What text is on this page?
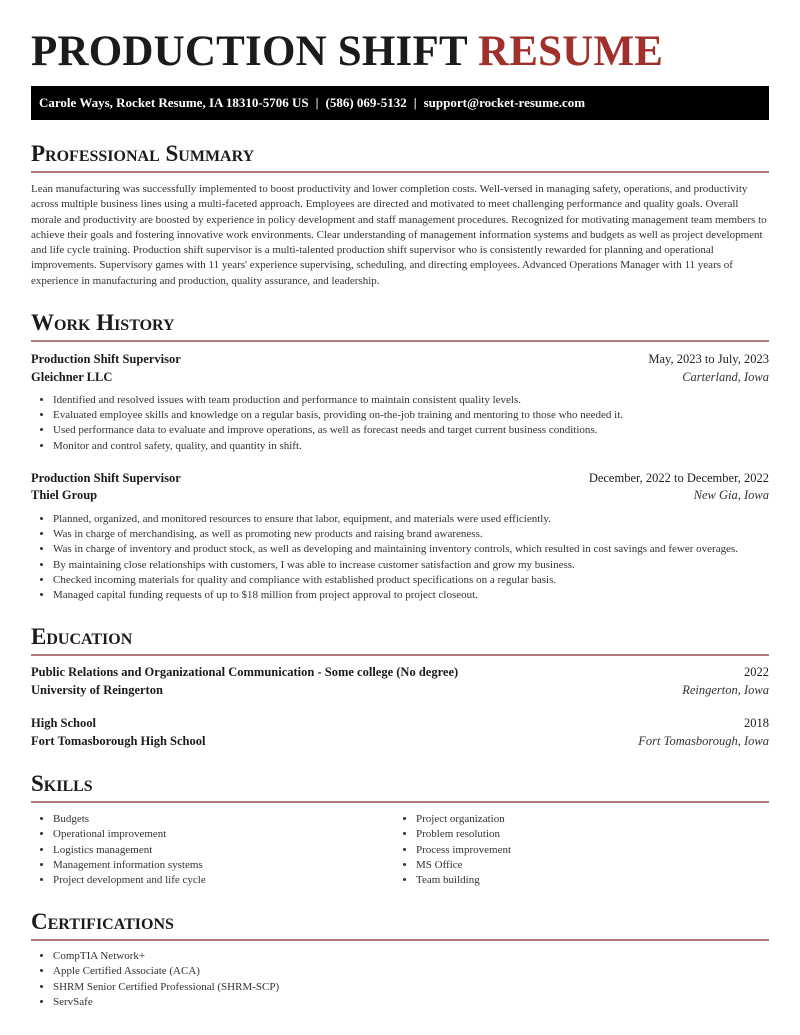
PRODUCTION SHIFT RESUME
Carole Ways, Rocket Resume, IA 18310-5706 US | (586) 069-5132 | support@rocket-resume.com
Professional Summary

Lean manufacturing was successfully implemented to boost productivity and lower completion costs. Well-versed in managing safety, operations, and productivity across multiple business lines using a multi-faceted approach. Employees are directed and motivated to meet challenging performance and quality goals. Overall morale and productivity are boosted by experience in policy development and staff management procedures. Recognized for motivating management team members to achieve their goals and fostering innovative work environments. Clear understanding of management information systems and budgets as well as project development and life cycle training. Production shift supervisor is a multi-talented production shift supervisor who is consistently rewarded for planning and operational improvements. Supervisory games with 11 years' experience supervising, scheduling, and directing employees. Advanced Operations Manager with 11 years of experience in manufacturing and production, quality assurance, and leadership.

Work History
Production Shift Supervisor	May, 2023 to July, 2023
Gleichner LLC	Carterland, Iowa
• Identified and resolved issues with team production and performance to maintain consistent quality levels.
• Evaluated employee skills and knowledge on a regular basis, providing on-the-job training and mentoring to those who needed it.
• Used performance data to evaluate and improve operations, as well as forecast needs and target current business conditions.
• Monitor and control safety, quality, and quantity in shift.
Production Shift Supervisor	December, 2022 to December, 2022
Thiel Group	New Gia, Iowa
• Planned, organized, and monitored resources to ensure that labor, equipment, and materials were used efficiently.
• Was in charge of merchandising, as well as promoting new products and raising brand awareness.
• Was in charge of inventory and product stock, as well as developing and maintaining inventory controls, which resulted in cost savings and fewer overages.
• By maintaining close relationships with customers, I was able to increase customer satisfaction and grow my business.
• Checked incoming materials for quality and compliance with established product specifications on a regular basis.
• Managed capital funding requests of up to $18 million from project approval to project closeout.
Education
Public Relations and Organizational Communication - Some college (No degree)	2022
University of Reingerton	Reingerton, Iowa
High School	2018
Fort Tomasborough High School	Fort Tomasborough, Iowa
Skills
• Budgets
• Operational improvement
• Logistics management
• Management information systems
• Project development and life cycle
• Project organization
• Problem resolution
• Process improvement
• MS Office
• Team building
Certifications
• CompTIA Network+
• Apple Certified Associate (ACA)
• SHRM Senior Certified Professional (SHRM-SCP)
• ServSafe
